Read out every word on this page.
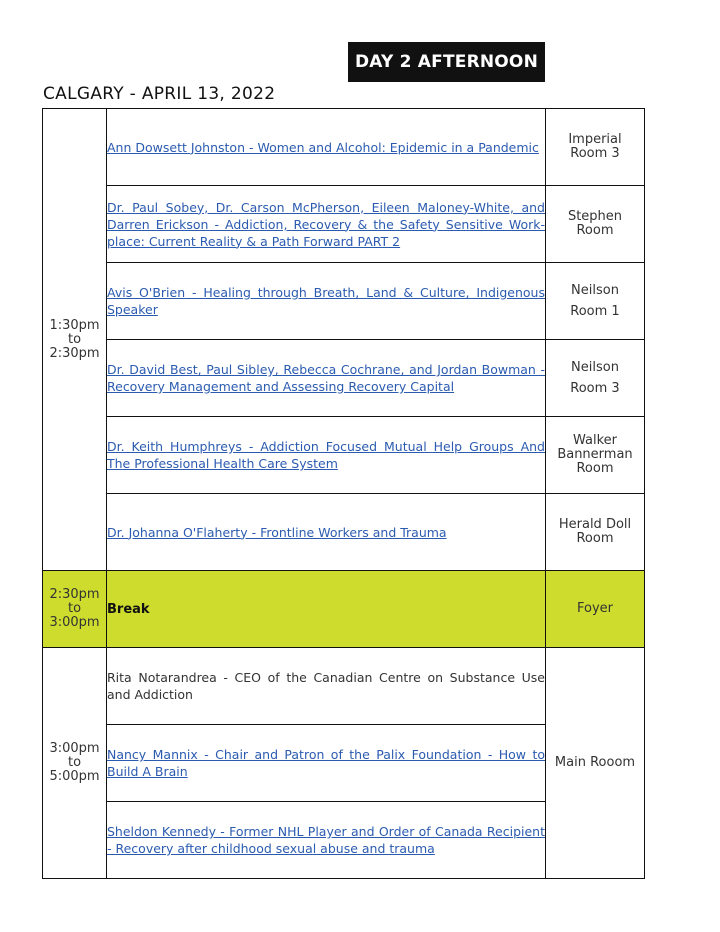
DAY 2 AFTERNOON
CALGARY - APRIL 13, 2022
1:30pm
to
2:30pm	Ann Dowsett Johnston - Women and Alcohol: Epidemic in a Pandemic	Imperial
Room 3

	Dr. Paul Sobey, Dr. Carson McPherson, Eileen Maloney-White, and Darren Erickson - Addiction, Recovery & the Safety Sensitive Work-place: Current Reality & a Path Forward PART 2	Stephen
Room

	Avis O'Brien - Healing through Breath, Land & Culture, Indigenous Speaker	Neilson
Room 1

	Dr. David Best, Paul Sibley, Rebecca Cochrane, and Jordan Bowman - Recovery Management and Assessing Recovery Capital	Neilson
Room 3

	Dr. Keith Humphreys - Addiction Focused Mutual Help Groups And The Professional Health Care System	Walker
Bannerman
Room

	Dr. Johanna O'Flaherty - Frontline Workers and Trauma	Herald Doll
Room

2:30pm
to
3:00pm	Break	Foyer

3:00pm
to
5:00pm	Rita Notarandrea - CEO of the Canadian Centre on Substance Use and Addiction	Main Rooom
	Nancy Mannix - Chair and Patron of the Palix Foundation - How to Build A Brain	
	Sheldon Kennedy - Former NHL Player and Order of Canada Recipient - Recovery after childhood sexual abuse and trauma	
